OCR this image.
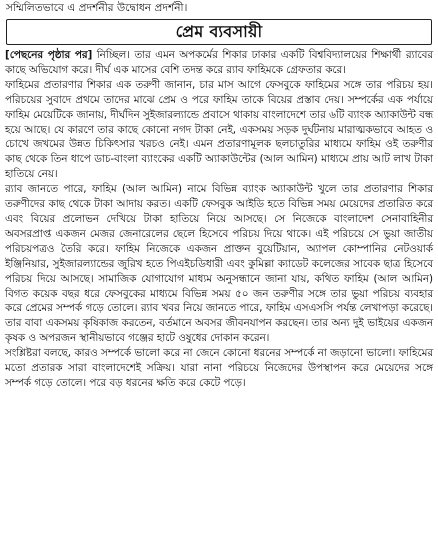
সম্মিলিতভাবে এ প্রদর্শনীর উদ্বোধন প্রদর্শনী।
প্রেম ব্যবসায়ী

[পেছনের পৃষ্ঠার পর] নিচ্ছিল। তার এমন অপকর্মের শিকার ঢাকার একটি বিশ্ববিদ্যালয়ের শিক্ষার্থী র‌্যাবের কাছে অভিযোগ করে। দীর্ঘ এক মাসের বেশি তদন্ত করে র‌্যাব ফাহিমকে গ্রেফতার করে।

ফাহিমের প্রতারণার শিকার এক তরুণী জানান, চার মাস আগে ফেসবুকে ফাহিমের সঙ্গে তার পরিচয় হয়। পরিচয়ের সুবাদে প্রথমে তাদের মাঝে প্রেম ও পরে ফাহিম তাকে বিয়ের প্রস্তাব দেয়। সম্পর্কের এক পর্যায়ে ফাহিম মেয়েটিকে জানায়, দীর্ঘদিন সুইজারল্যান্ডে প্রবাসে থাকায় বাংলাদেশে তার ৬টি ব্যাংক অ্যাকাউন্ট বন্ধ হয়ে আছে। যে কারণে তার কাছে কোনো নগদ টাকা নেই, একসময় সড়ক দুর্ঘটনায় মারাত্মকভাবে আহত ও চোখে জখমের উন্নত চিকিৎসার খরচও নেই। এমন প্রতারণামূলক ছলচাতুরির মাধ্যমে ফাহিম ওই তরুণীর কাছ থেকে তিন ধাপে ডাচ-বাংলা ব্যাংকের একটি অ্যাকাউন্টের (আল আমিন) মাধ্যমে প্রায় আট লাখ টাকা হাতিয়ে নেয়।

র‌্যাব জানতে পারে, ফাহিম (আল আমিন) নামে বিভিন্ন ব্যাংক অ্যাকাউন্ট খুলে তার প্রতারণার শিকার তরুণীদের কাছ থেকে টাকা আদায় করত। একটি ফেসবুক আইডি হতে বিভিন্ন সময় মেয়েদের প্রতারিত করে এবং বিয়ের প্রলোভন দেখিয়ে টাকা হাতিয়ে নিয়ে আসছে। সে নিজেকে বাংলাদেশ সেনাবাহিনীর অবসরপ্রাপ্ত একজন মেজর জেনারেলের ছেলে হিসেবে পরিচয় দিয়ে থাকে। এই পরিচয়ে সে ভুয়া জাতীয় পরিচয়পত্রও তৈরি করে। ফাহিম নিজেকে একজন প্রাক্তন বুয়েটিয়ান, অ্যাপল কোম্পানির নেটওয়ার্ক ইঞ্জিনিয়ার, সুইজারল্যান্ডের জুরিখ হতে পিএইচডিধারী এবং কুমিল্লা ক্যাডেট কলেজের সাবেক ছাত্র হিসেবে পরিচয় দিয়ে আসছে। সামাজিক যোগাযোগ মাধ্যম অনুসন্ধানে জানা যায়, কথিত ফাহিম (আল আমিন) বিগত কয়েক বছর ধরে ফেসবুকের মাধ্যমে বিভিন্ন সময় ৫০ জন তরুণীর সঙ্গে তার ভুয়া পরিচয় ব্যবহার করে প্রেমের সম্পর্ক গড়ে তোলে। র‌্যাব খবর নিয়ে জানতে পারে, ফাহিম এসএসসি পর্যন্ত লেখাপড়া করেছে। তার বাবা একসময় কৃষিকাজ করতেন, বর্তমানে অবসর জীবনযাপন করছেন। তার অন্য দুই ভাইয়ের একজন কৃষক ও অপরজন স্থানীয়ভাবে গঞ্জের হাটে ওষুধের দোকান করেন।

সংশ্লিষ্টরা বলছে, কারও সম্পর্কে ভালো করে না জেনে কোনো ধরনের সম্পর্কে না জড়ানো ভালো। ফাহিমের মতো প্রতারক সারা বাংলাদেশেই সক্রিয়। যারা নানা পরিচয়ে নিজেদের উপস্থাপন করে মেয়েদের সঙ্গে সম্পর্ক গড়ে তোলে। পরে বড় ধরনের ক্ষতি করে কেটে পড়ে।
